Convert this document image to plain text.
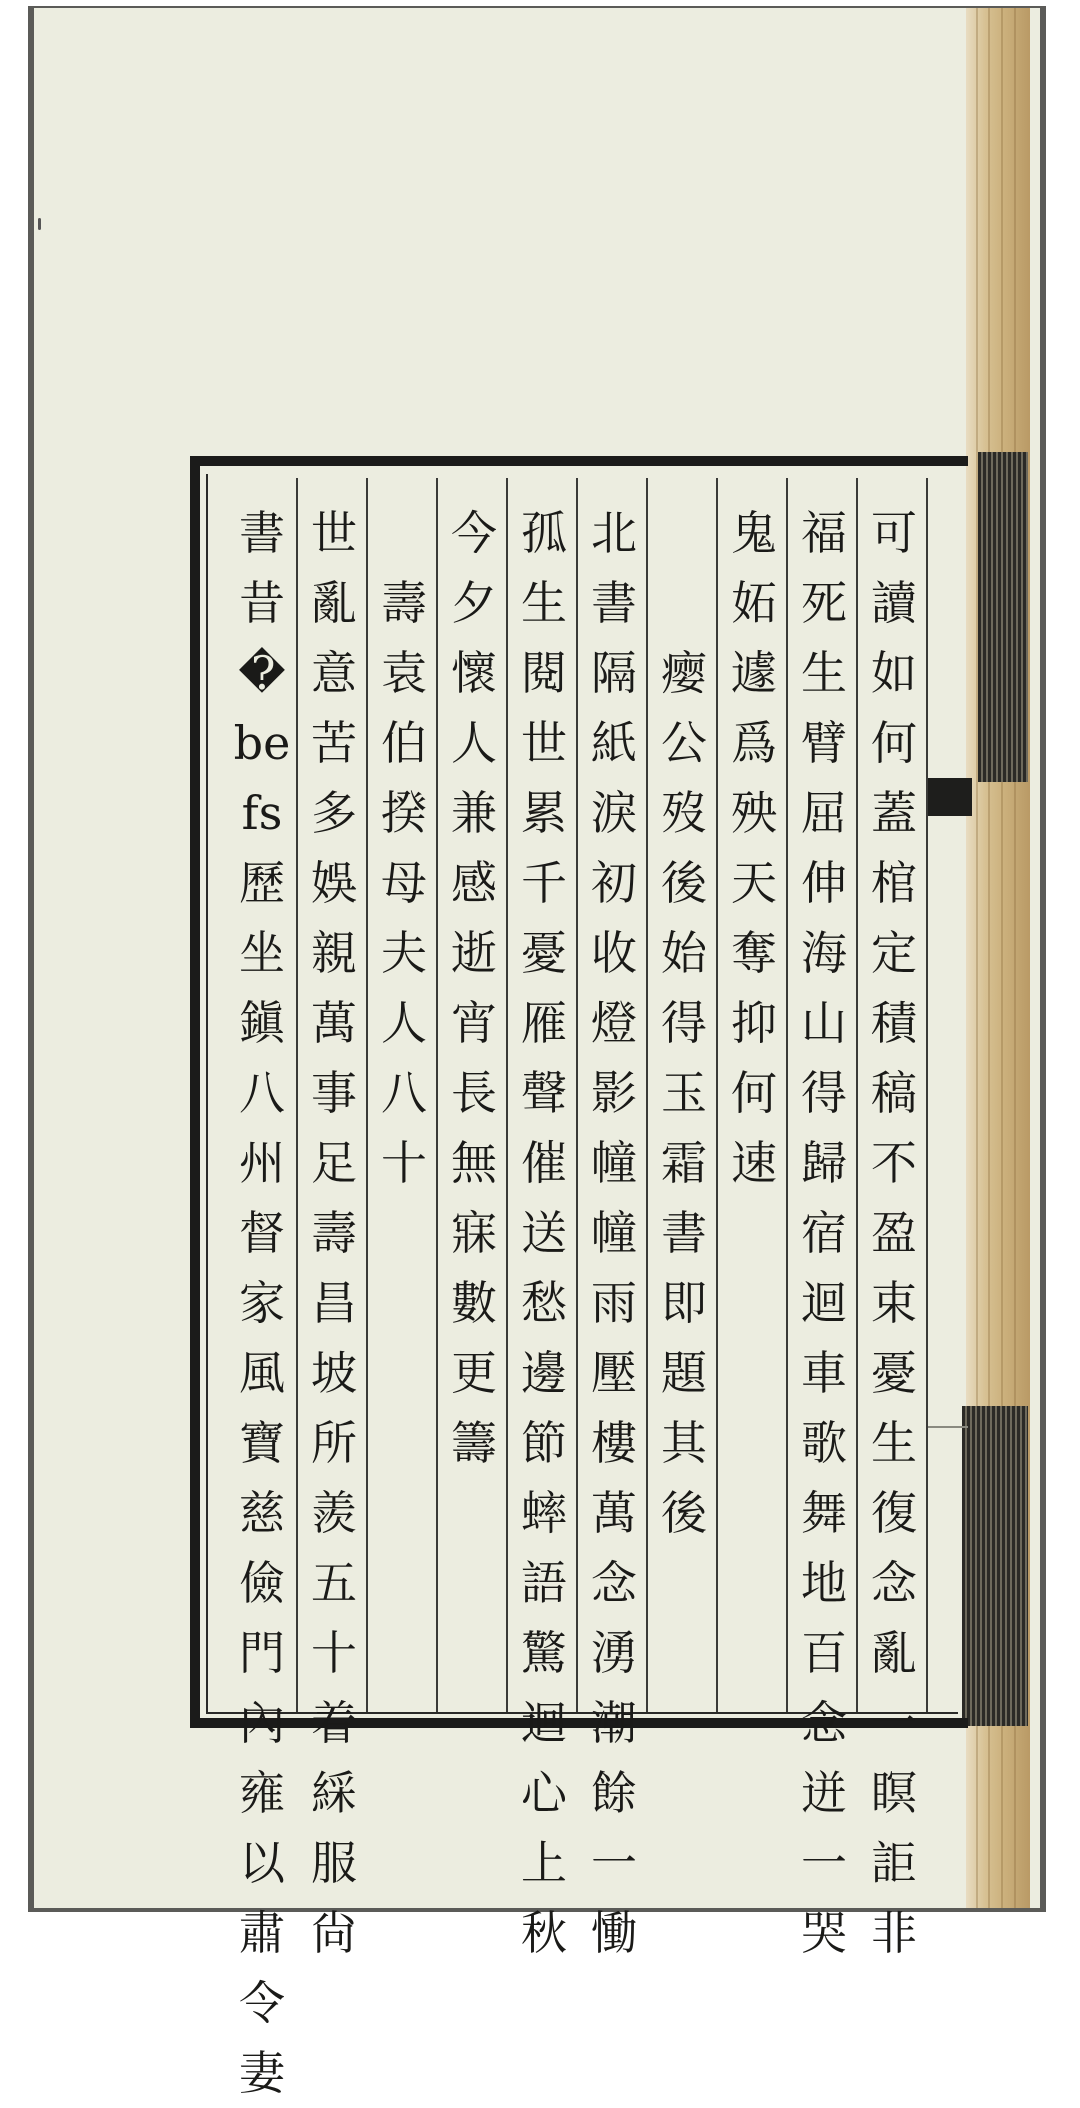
可讀如何蓋棺定積稿不盈束憂生復念亂一瞑詎非
福死生臂屈伸海山得歸宿迴車歌舞地百念迸一哭
鬼妬遽爲殃天奪抑何速
瘿公歿後始得玉霜書即題其後
北書隔紙淚初收燈影幢幢雨壓樓萬念湧潮餘一慟
孤生閱世累千憂雁聲催送愁邊節蟀語驚迴心上秋
今夕懷人兼感逝宵長無寐數更籌
壽袁伯揆母夫人八十
世亂意苦多娛親萬事足壽昌坡所羨五十着綵服尙
書昔�befs歷坐鎭八州督家風寶慈儉門內雍以肅令妻
